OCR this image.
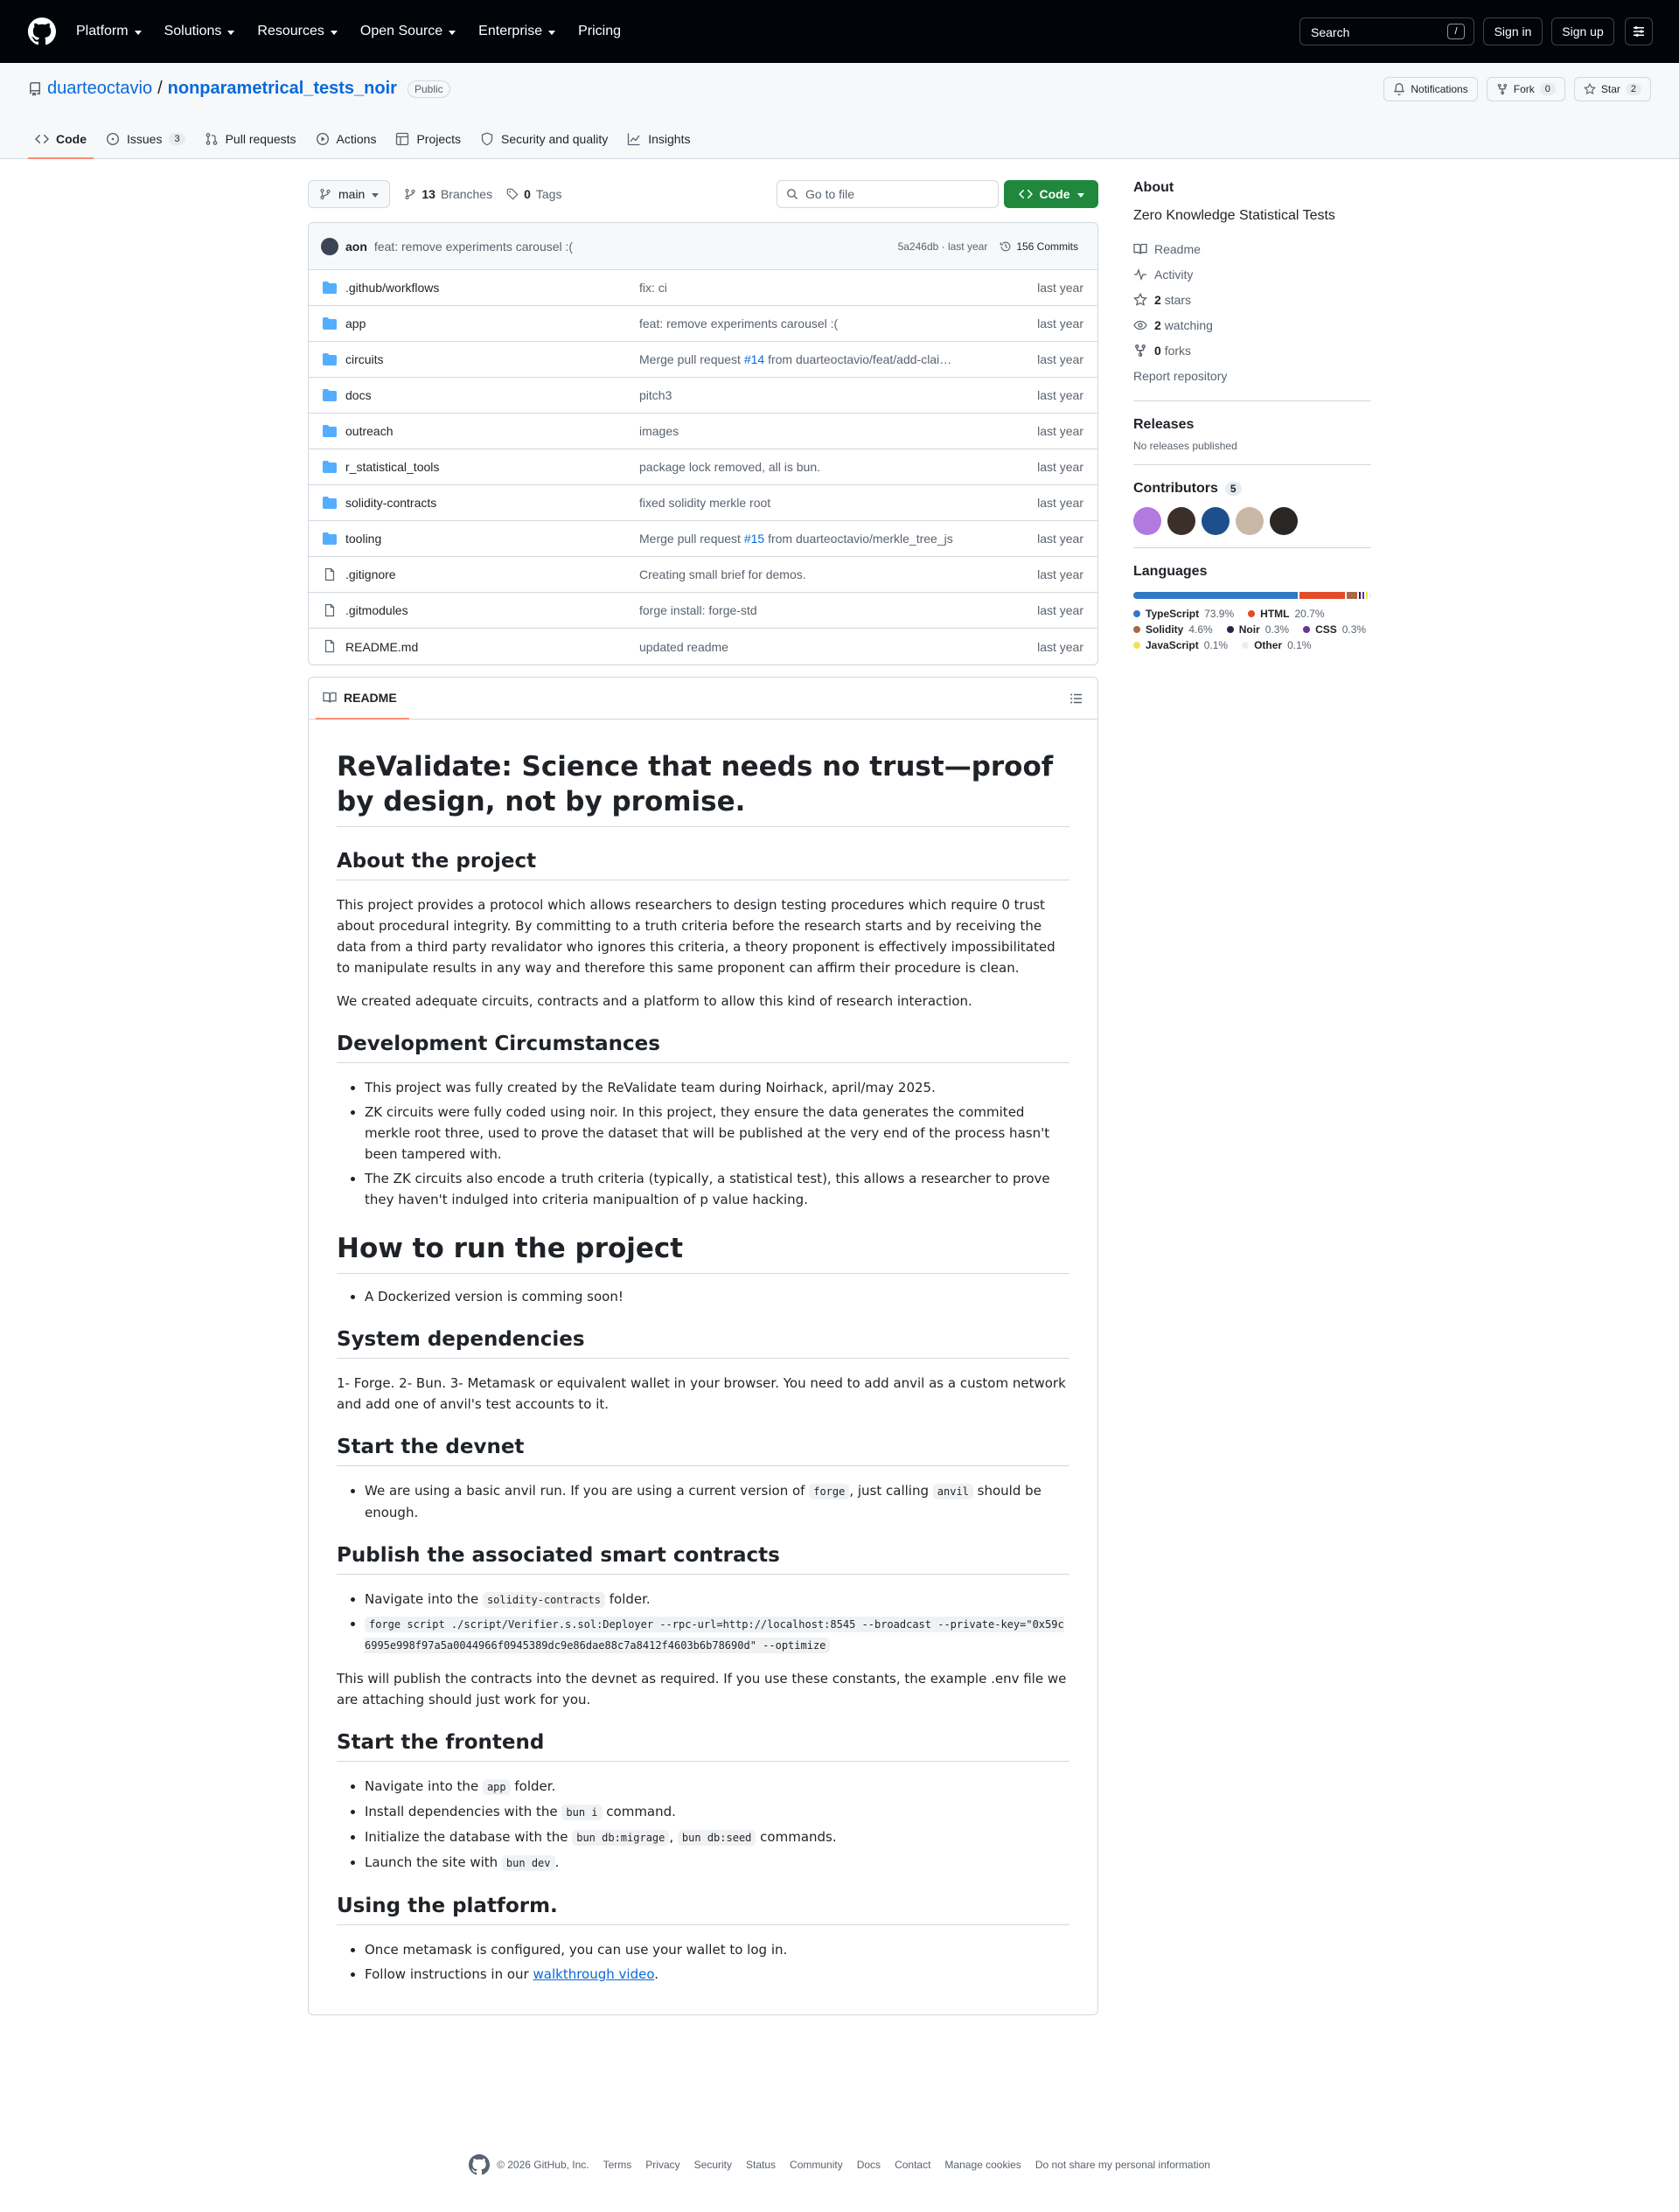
Platform	Solutions	Resources	Open Source	Enterprise	Pricing	Search	/	Sign in	Sign up
duarteoctavio / nonparametrical_tests_noir	Public	Notifications	Fork	0	Star	2
Code	Issues	3	Pull requests	Actions	Projects	Security and quality	Insights
main	13 Branches	0 Tags	Go to file	Code
aon feat: remove experiments carousel :(	5a246db · last year	156 Commits
.github/workflows	fix: ci	last year
app	feat: remove experiments carousel :(	last year
circuits	Merge pull request #14 from duarteoctavio/feat/add-clai…	last year
docs	pitch3	last year
outreach	images	last year
r_statistical_tools	package lock removed, all is bun.	last year
solidity-contracts	fixed solidity merkle root	last year
tooling	Merge pull request #15 from duarteoctavio/merkle_tree_js	last year
.gitignore	Creating small brief for demos.	last year
.gitmodules	forge install: forge-std	last year
README.md	updated readme	last year
README
ReValidate: Science that needs no trust—proof by design, not by promise.
About the project

This project provides a protocol which allows researchers to design testing procedures which require 0 trust about procedural integrity. By committing to a truth criteria before the research starts and by receiving the data from a third party revalidator who ignores this criteria, a theory proponent is effectively impossibilitated to manipulate results in any way and therefore this same proponent can affirm their procedure is clean.

We created adequate circuits, contracts and a platform to allow this kind of research interaction.

Development Circumstances
• This project was fully created by the ReValidate team during Noirhack, april/may 2025.
• ZK circuits were fully coded using noir. In this project, they ensure the data generates the commited merkle root three, used to prove the dataset that will be published at the very end of the process hasn't been tampered with.
• The ZK circuits also encode a truth criteria (typically, a statistical test), this allows a researcher to prove they haven't indulged into criteria manipualtion of p value hacking.
How to run the project
• A Dockerized version is comming soon!
System dependencies

1- Forge. 2- Bun. 3- Metamask or equivalent wallet in your browser. You need to add anvil as a custom network and add one of anvil's test accounts to it.

Start the devnet
• We are using a basic anvil run. If you are using a current version of forge , just calling anvil should be enough.
Publish the associated smart contracts
• Navigate into the solidity-contracts folder.
• forge script ./script/Verifier.s.sol:Deployer --rpc-url=http://localhost:8545 --broadcast --private-key="0x59c6995e998f97a5a0044966f0945389dc9e86dae88c7a8412f4603b6b78690d" --optimize

This will publish the contracts into the devnet as required. If you use these constants, the example .env file we are attaching should just work for you.

Start the frontend
• Navigate into the app folder.
• Install dependencies with the bun i command.
• Initialize the database with the bun db:migrage , bun db:seed commands.
• Launch the site with bun dev .
Using the platform.
• Once metamask is configured, you can use your wallet to log in.
• Follow instructions in our walkthrough video.
About
Zero Knowledge Statistical Tests
Readme
Activity
2 stars
2 watching
0 forks
Report repository
Releases
No releases published
Contributors	5
Languages
TypeScript 73.9%	HTML 20.7%
Solidity 4.6%	Noir 0.3%	CSS 0.3%
JavaScript 0.1%	Other 0.1%
© 2026 GitHub, Inc. Terms Privacy Security Status Community Docs Contact Manage cookies Do not share my personal information
